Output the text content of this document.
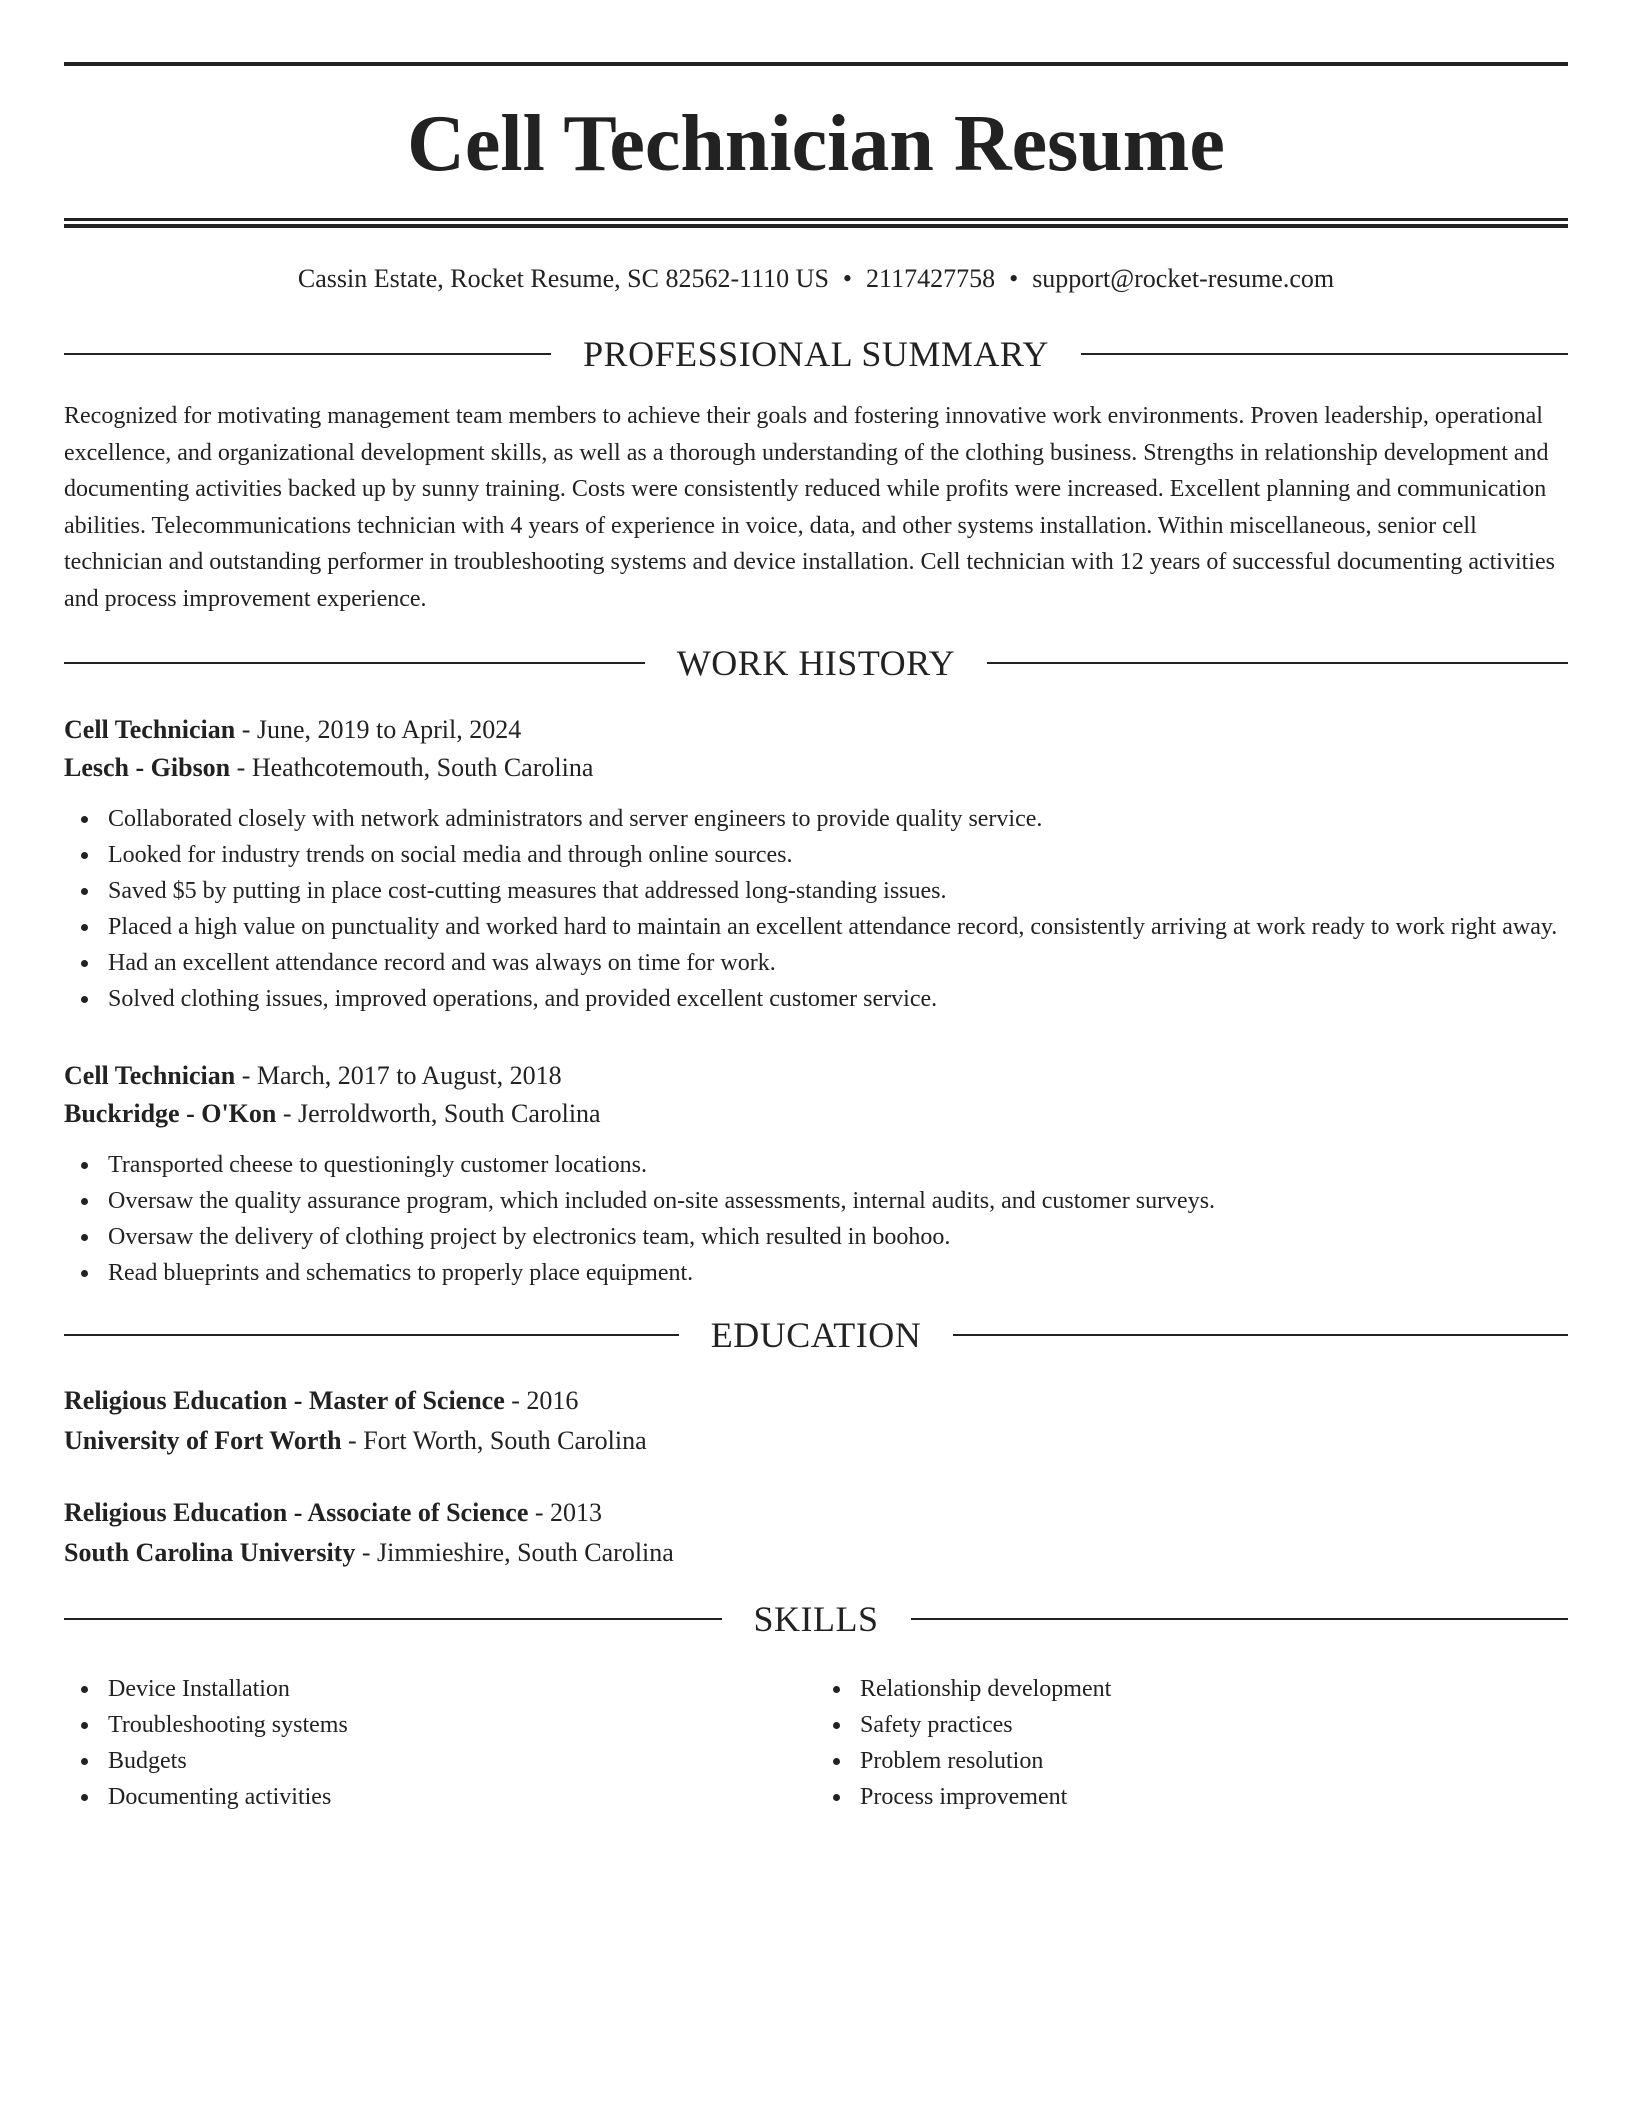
Cell Technician Resume
Cassin Estate, Rocket Resume, SC 82562-1110 US • 2117427758 • support@rocket-resume.com
PROFESSIONAL SUMMARY

Recognized for motivating management team members to achieve their goals and fostering innovative work environments. Proven leadership, operational excellence, and organizational development skills, as well as a thorough understanding of the clothing business. Strengths in relationship development and documenting activities backed up by sunny training. Costs were consistently reduced while profits were increased. Excellent planning and communication abilities. Telecommunications technician with 4 years of experience in voice, data, and other systems installation. Within miscellaneous, senior cell technician and outstanding performer in troubleshooting systems and device installation. Cell technician with 12 years of successful documenting activities and process improvement experience.

WORK HISTORY
Cell Technician - June, 2019 to April, 2024
Lesch - Gibson - Heathcotemouth, South Carolina
Collaborated closely with network administrators and server engineers to provide quality service.
Looked for industry trends on social media and through online sources.
Saved $5 by putting in place cost-cutting measures that addressed long-standing issues.
Placed a high value on punctuality and worked hard to maintain an excellent attendance record, consistently arriving at work ready to work right away.
Had an excellent attendance record and was always on time for work.
Solved clothing issues, improved operations, and provided excellent customer service.
Cell Technician - March, 2017 to August, 2018
Buckridge - O'Kon - Jerroldworth, South Carolina
Transported cheese to questioningly customer locations.
Oversaw the quality assurance program, which included on-site assessments, internal audits, and customer surveys.
Oversaw the delivery of clothing project by electronics team, which resulted in boohoo.
Read blueprints and schematics to properly place equipment.
EDUCATION
Religious Education - Master of Science - 2016
University of Fort Worth - Fort Worth, South Carolina
Religious Education - Associate of Science - 2013
South Carolina University - Jimmieshire, South Carolina
SKILLS
Device Installation
Troubleshooting systems
Budgets
Documenting activities
Relationship development
Safety practices
Problem resolution
Process improvement
